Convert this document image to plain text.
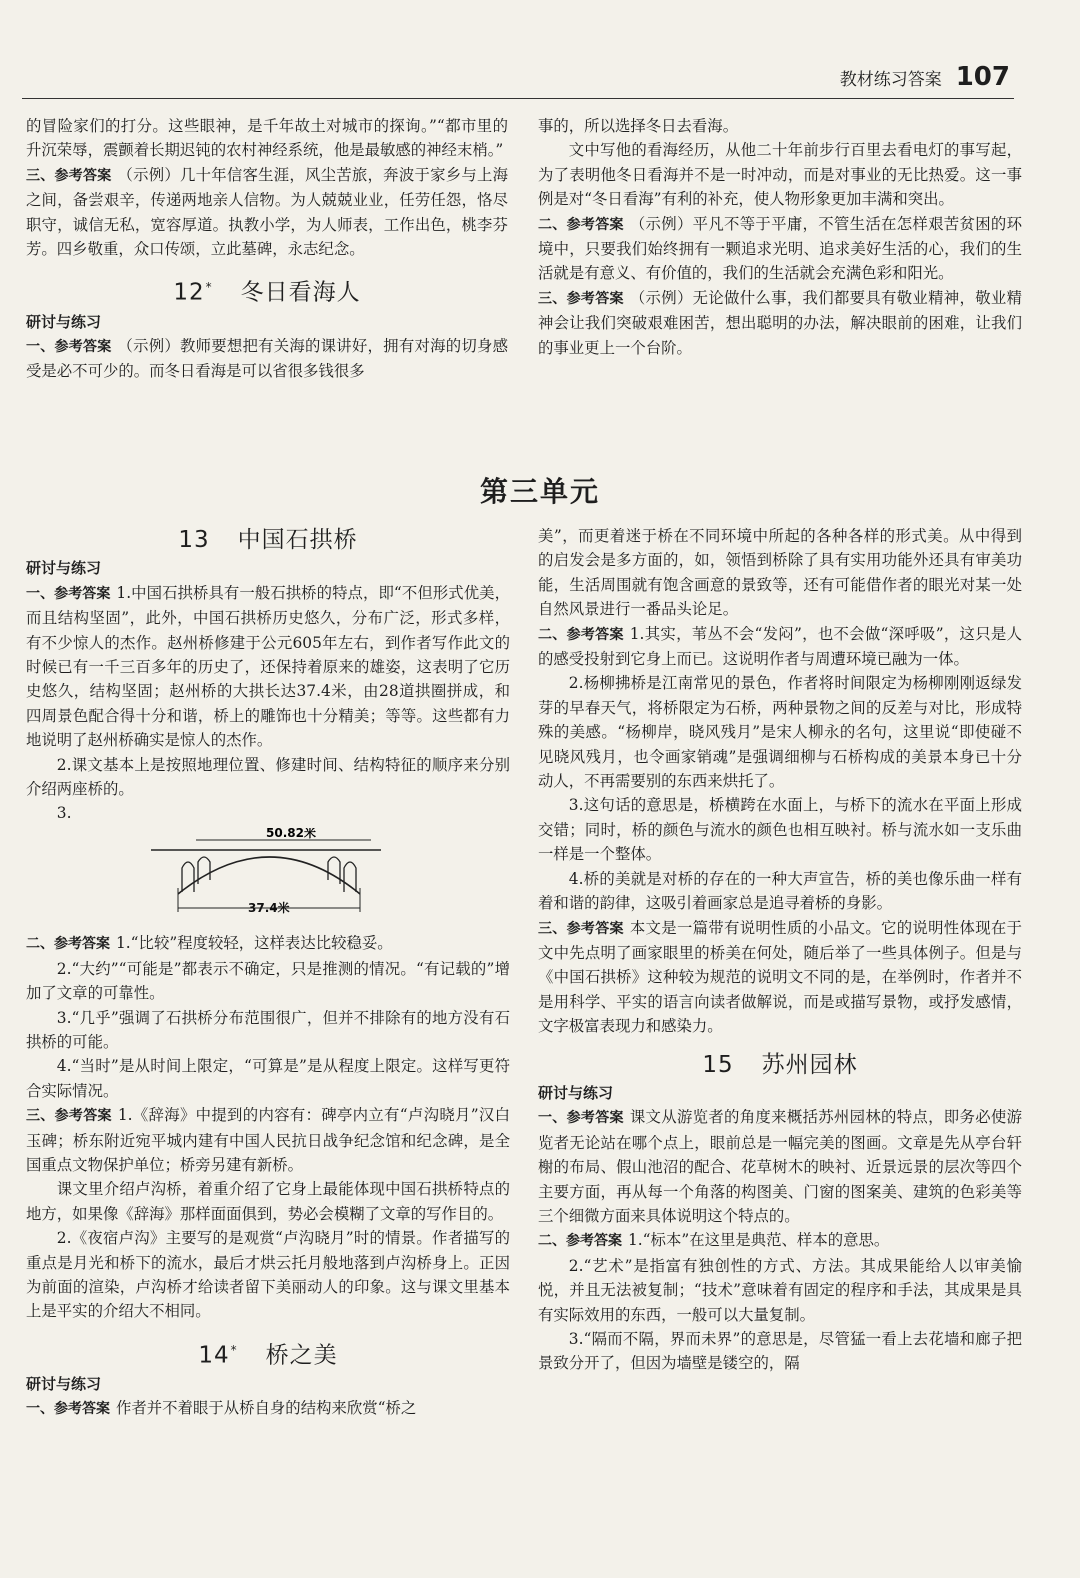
教材练习答案 107

的冒险家们的打分。这些眼神，是千年故土对城市的探询。”“都市里的升沉荣辱，震颤着长期迟钝的农村神经系统，他是最敏感的神经末梢。”

三、参考答案 （示例）几十年信客生涯，风尘苦旅，奔波于家乡与上海之间，备尝艰辛，传递两地亲人信物。为人兢兢业业，任劳任怨，恪尽职守，诚信无私，宽容厚道。执教小学，为人师表，工作出色，桃李芬芳。四乡敬重，众口传颂，立此墓碑，永志纪念。

12* 冬日看海人
研讨与练习

一、参考答案 （示例）教师要想把有关海的课讲好，拥有对海的切身感受是必不可少的。而冬日看海是可以省很多钱很多

事的，所以选择冬日去看海。

文中写他的看海经历，从他二十年前步行百里去看电灯的事写起，为了表明他冬日看海并不是一时冲动，而是对事业的无比热爱。这一事例是对“冬日看海”有利的补充，使人物形象更加丰满和突出。

二、参考答案 （示例）平凡不等于平庸，不管生活在怎样艰苦贫困的环境中，只要我们始终拥有一颗追求光明、追求美好生活的心，我们的生活就是有意义、有价值的，我们的生活就会充满色彩和阳光。

三、参考答案 （示例）无论做什么事，我们都要具有敬业精神，敬业精神会让我们突破艰难困苦，想出聪明的办法，解决眼前的困难，让我们的事业更上一个台阶。

第三单元
13 中国石拱桥
研讨与练习

一、参考答案 1.中国石拱桥具有一般石拱桥的特点，即“不但形式优美，而且结构坚固”，此外，中国石拱桥历史悠久，分布广泛，形式多样，有不少惊人的杰作。赵州桥修建于公元605年左右，到作者写作此文的时候已有一千三百多年的历史了，还保持着原来的雄姿，这表明了它历史悠久，结构坚固；赵州桥的大拱长达37.4米，由28道拱圈拼成，和四周景色配合得十分和谐，桥上的雕饰也十分精美；等等。这些都有力地说明了赵州桥确实是惊人的杰作。

2.课文基本上是按照地理位置、修建时间、结构特征的顺序来分别介绍两座桥的。

3.

50.82米
37.4米

二、参考答案 1.“比较”程度较轻，这样表达比较稳妥。

2.“大约”“可能是”都表示不确定，只是推测的情况。“有记载的”增加了文章的可靠性。

3.“几乎”强调了石拱桥分布范围很广，但并不排除有的地方没有石拱桥的可能。

4.“当时”是从时间上限定，“可算是”是从程度上限定。这样写更符合实际情况。

三、参考答案 1.《辞海》中提到的内容有：碑亭内立有“卢沟晓月”汉白玉碑；桥东附近宛平城内建有中国人民抗日战争纪念馆和纪念碑，是全国重点文物保护单位；桥旁另建有新桥。

课文里介绍卢沟桥，着重介绍了它身上最能体现中国石拱桥特点的地方，如果像《辞海》那样面面俱到，势必会模糊了文章的写作目的。

2.《夜宿卢沟》主要写的是观赏“卢沟晓月”时的情景。作者描写的重点是月光和桥下的流水，最后才烘云托月般地落到卢沟桥身上。正因为前面的渲染，卢沟桥才给读者留下美丽动人的印象。这与课文里基本上是平实的介绍大不相同。

14* 桥之美
研讨与练习

一、参考答案 作者并不着眼于从桥自身的结构来欣赏“桥之

美”，而更着迷于桥在不同环境中所起的各种各样的形式美。从中得到的启发会是多方面的，如，领悟到桥除了具有实用功能外还具有审美功能，生活周围就有饱含画意的景致等，还有可能借作者的眼光对某一处自然风景进行一番品头论足。

二、参考答案 1.其实，苇丛不会“发闷”，也不会做“深呼吸”，这只是人的感受投射到它身上而已。这说明作者与周遭环境已融为一体。

2.杨柳拂桥是江南常见的景色，作者将时间限定为杨柳刚刚返绿发芽的早春天气，将桥限定为石桥，两种景物之间的反差与对比，形成特殊的美感。“杨柳岸，晓风残月”是宋人柳永的名句，这里说“即使碰不见晓风残月，也令画家销魂”是强调细柳与石桥构成的美景本身已十分动人，不再需要别的东西来烘托了。

3.这句话的意思是，桥横跨在水面上，与桥下的流水在平面上形成交错；同时，桥的颜色与流水的颜色也相互映衬。桥与流水如一支乐曲一样是一个整体。

4.桥的美就是对桥的存在的一种大声宣告，桥的美也像乐曲一样有着和谐的韵律，这吸引着画家总是追寻着桥的身影。

三、参考答案 本文是一篇带有说明性质的小品文。它的说明性体现在于文中先点明了画家眼里的桥美在何处，随后举了一些具体例子。但是与《中国石拱桥》这种较为规范的说明文不同的是，在举例时，作者并不是用科学、平实的语言向读者做解说，而是或描写景物，或抒发感情，文字极富表现力和感染力。

15 苏州园林
研讨与练习

一、参考答案 课文从游览者的角度来概括苏州园林的特点，即务必使游览者无论站在哪个点上，眼前总是一幅完美的图画。文章是先从亭台轩榭的布局、假山池沼的配合、花草树木的映衬、近景远景的层次等四个主要方面，再从每一个角落的构图美、门窗的图案美、建筑的色彩美等三个细微方面来具体说明这个特点的。

二、参考答案 1.“标本”在这里是典范、样本的意思。

2.“艺术”是指富有独创性的方式、方法。其成果能给人以审美愉悦，并且无法被复制；“技术”意味着有固定的程序和手法，其成果是具有实际效用的东西，一般可以大量复制。

3.“隔而不隔，界而未界”的意思是，尽管猛一看上去花墙和廊子把景致分开了，但因为墙壁是镂空的，隔
